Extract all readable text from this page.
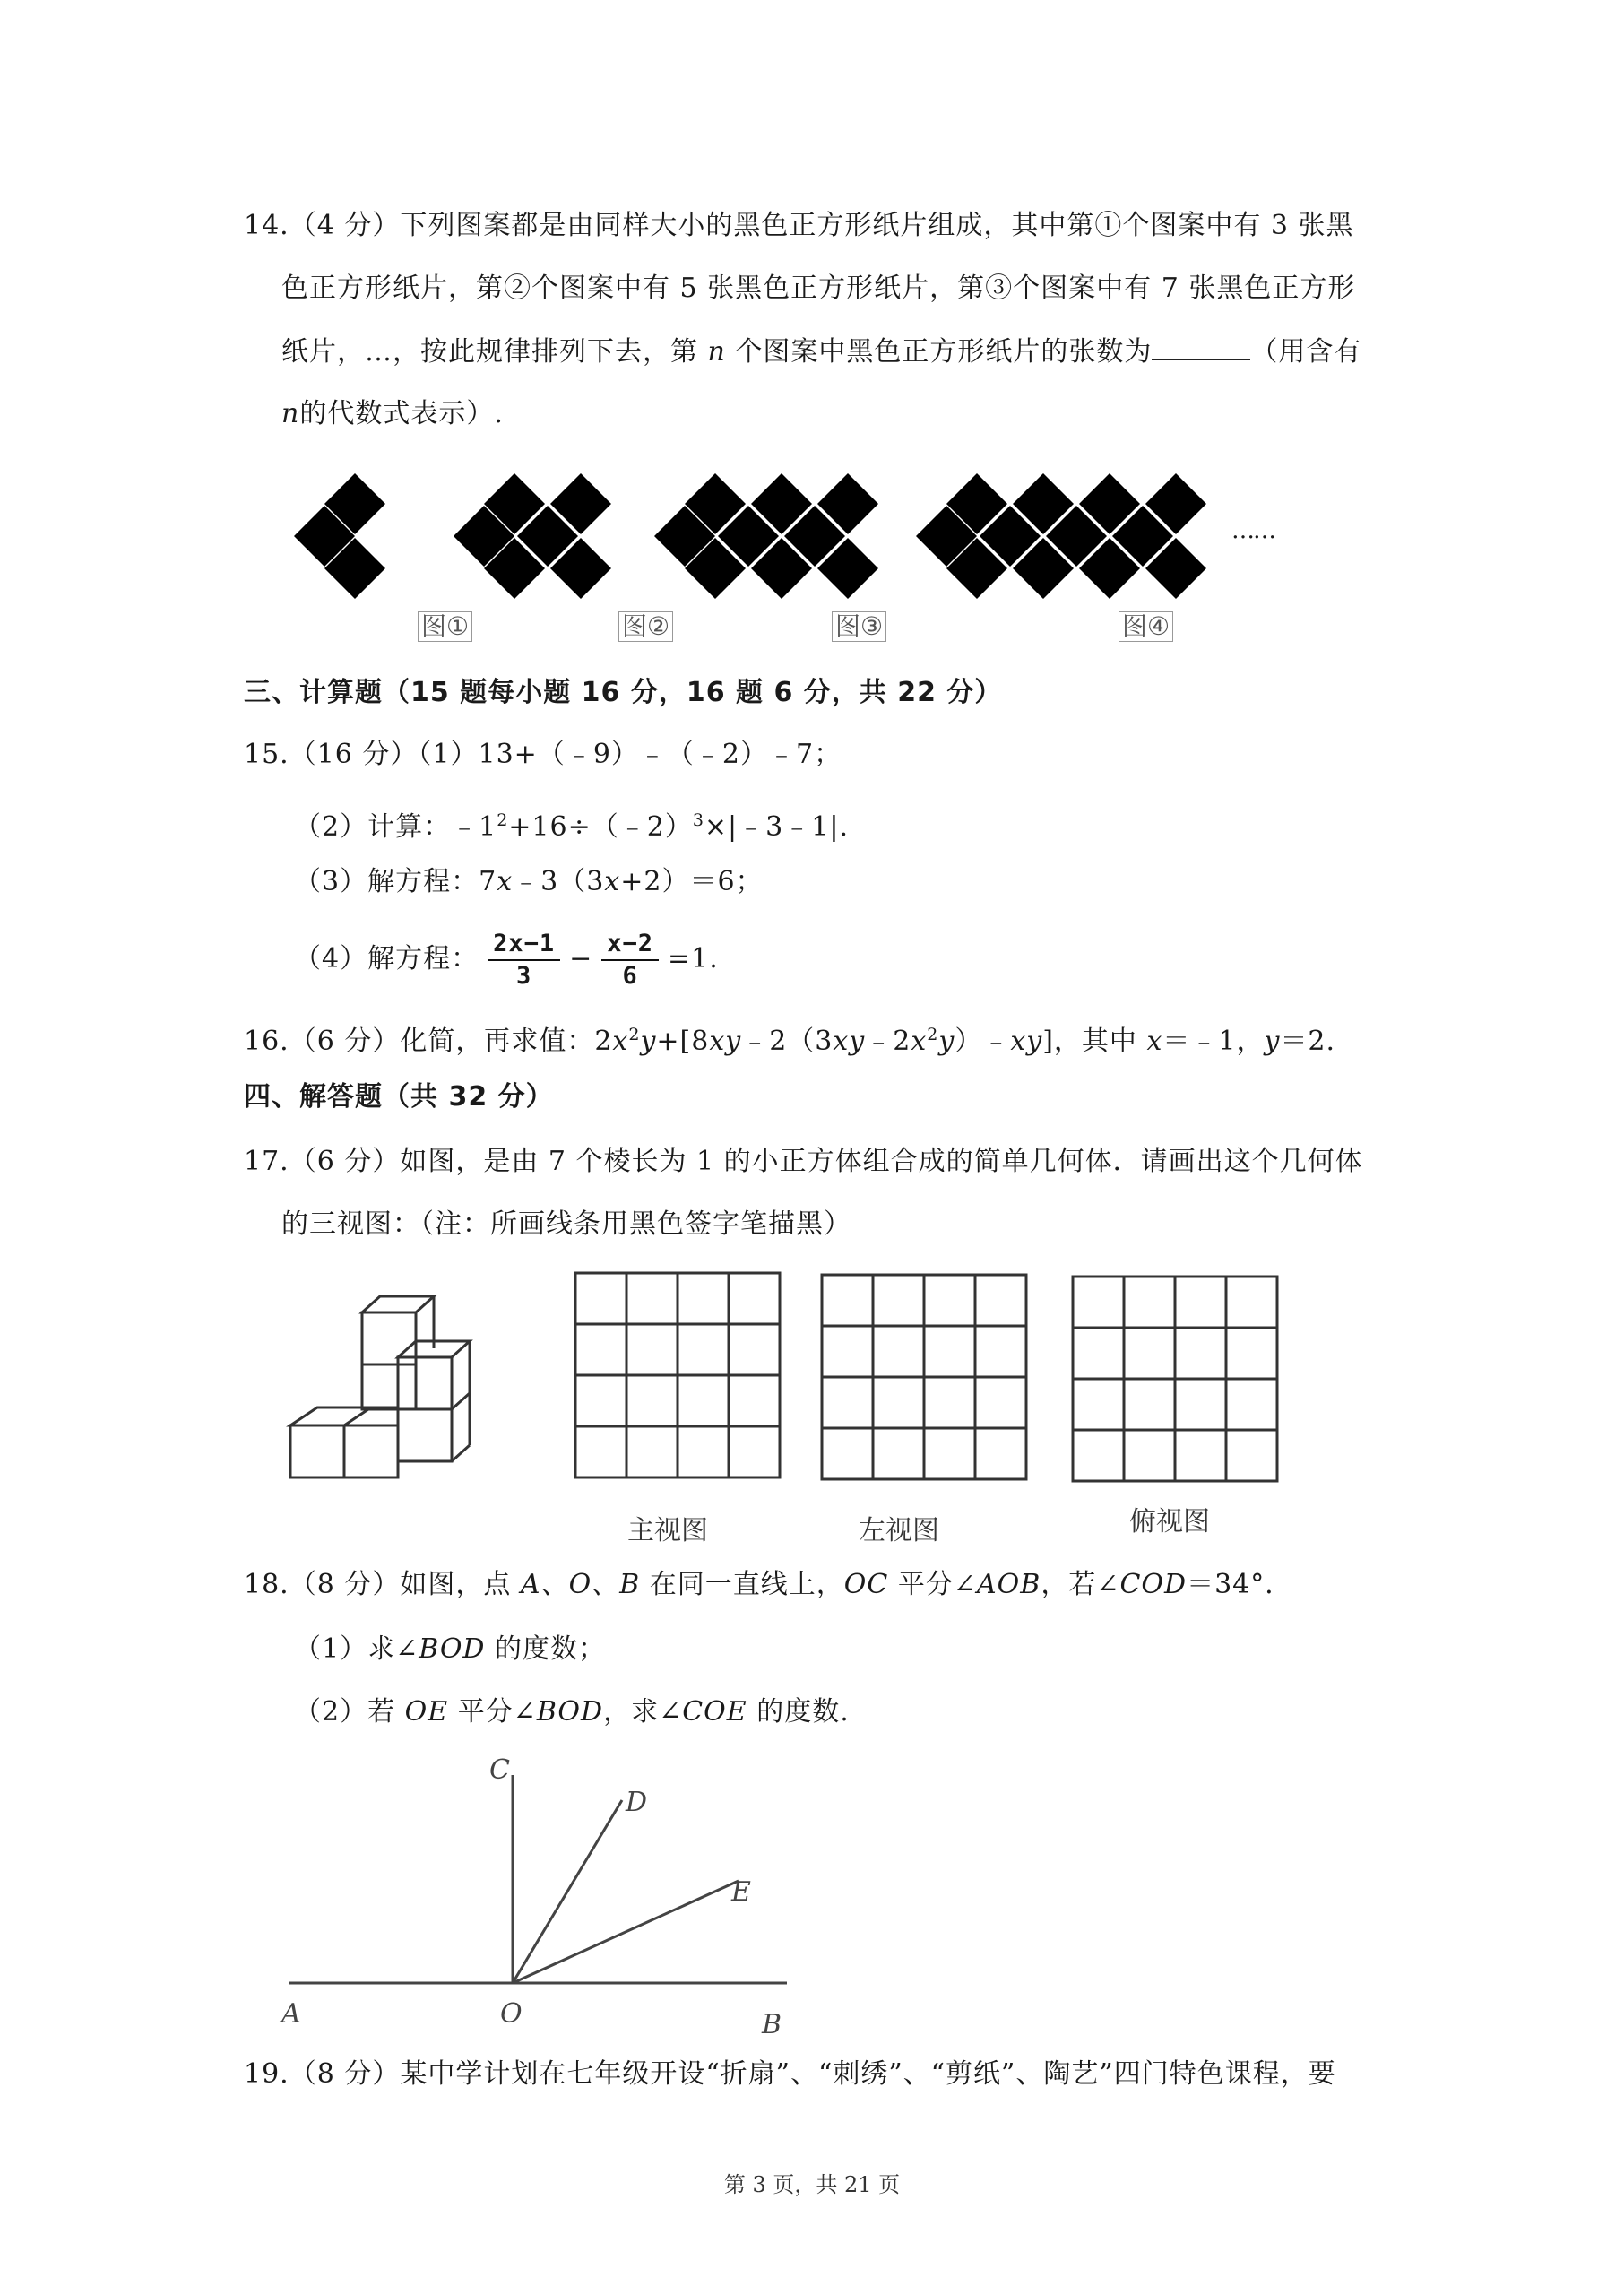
14.（4 分）下列图案都是由同样大小的黑色正方形纸片组成，其中第①个图案中有 3 张黑
色正方形纸片，第②个图案中有 5 张黑色正方形纸片，第③个图案中有 7 张黑色正方形
纸片，…，按此规律排列下去，第 n 个图案中黑色正方形纸片的张数为	（用含有
n的代数式表示）.
图①	图②	图③	图④
……
三、计算题（15 题每小题 16 分，16 题 6 分，共 22 分）
15.（16 分）（1）13+（﹣9）﹣（﹣2）﹣7；
（2）计算：$﹣1^2+16\div(﹣2)^3\times|﹣3﹣1|$.
（3）解方程：7x﹣3（3x+2）＝6；
（4）解方程： $\frac{2x-1}{3} - \frac{x-2}{6} =1$.
16.（6 分）化简，再求值：$2x^2y+[8xy﹣2(3xy﹣2x^2y)﹣xy]$，其中 x＝﹣1，y＝2.
四、解答题（共 32 分）
17.（6 分）如图，是由 7 个棱长为 1 的小正方体组合成的简单几何体．请画出这个几何体
的三视图：（注：所画线条用黑色签字笔描黑）
主视图	左视图	俯视图
18.（8 分）如图，点 A、O、B 在同一直线上，OC 平分∠AOB，若∠COD＝34°．
（1）求∠BOD 的度数；
（2）若 OE 平分∠BOD，求∠COE 的度数.
C
D
E
A	O	B
19.（8 分）某中学计划在七年级开设“折扇”、“刺绣”、“剪纸”、陶艺”四门特色课程，要
第 3 页，共 21 页
